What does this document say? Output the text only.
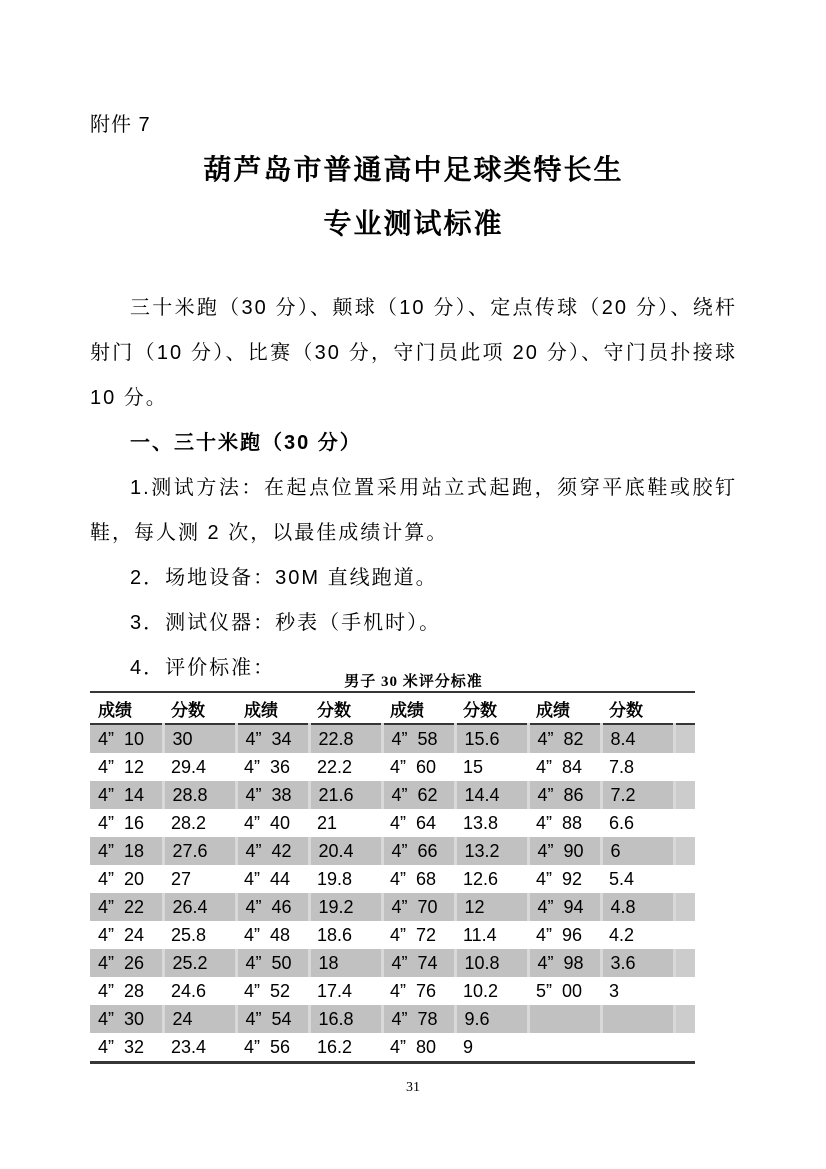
附件 7

葫芦岛市普通高中足球类特长生
专业测试标准

三十米跑（30 分）、颠球（10 分）、定点传球（20 分）、绕杆射门（10 分）、比赛（30 分，守门员此项 20 分）、守门员扑接球 10 分。

一、三十米跑（30 分）

1.测试方法：在起点位置采用站立式起跑，须穿平底鞋或胶钉鞋，每人测 2 次，以最佳成绩计算。

2．场地设备：30M 直线跑道。

3．测试仪器：秒表（手机时）。

4．评价标准：

男子 30 米评分标准
成绩	分数	成绩	分数	成绩	分数	成绩	分数	
4”  10	30	4”  34	22.8	4”  58	15.6	4”  82	8.4	
4”  12	29.4	4”  36	22.2	4”  60	15	4”  84	7.8	
4”  14	28.8	4”  38	21.6	4”  62	14.4	4”  86	7.2	
4”  16	28.2	4”  40	21	4”  64	13.8	4”  88	6.6	
4”  18	27.6	4”  42	20.4	4”  66	13.2	4”  90	6	
4”  20	27	4”  44	19.8	4”  68	12.6	4”  92	5.4	
4”  22	26.4	4”  46	19.2	4”  70	12	4”  94	4.8	
4”  24	25.8	4”  48	18.6	4”  72	11.4	4”  96	4.2	
4”  26	25.2	4”  50	18	4”  74	10.8	4”  98	3.6	
4”  28	24.6	4”  52	17.4	4”  76	10.2	5”  00	3	
4”  30	24	4”  54	16.8	4”  78	9.6			
4”  32	23.4	4”  56	16.2	4”  80	9			
31
